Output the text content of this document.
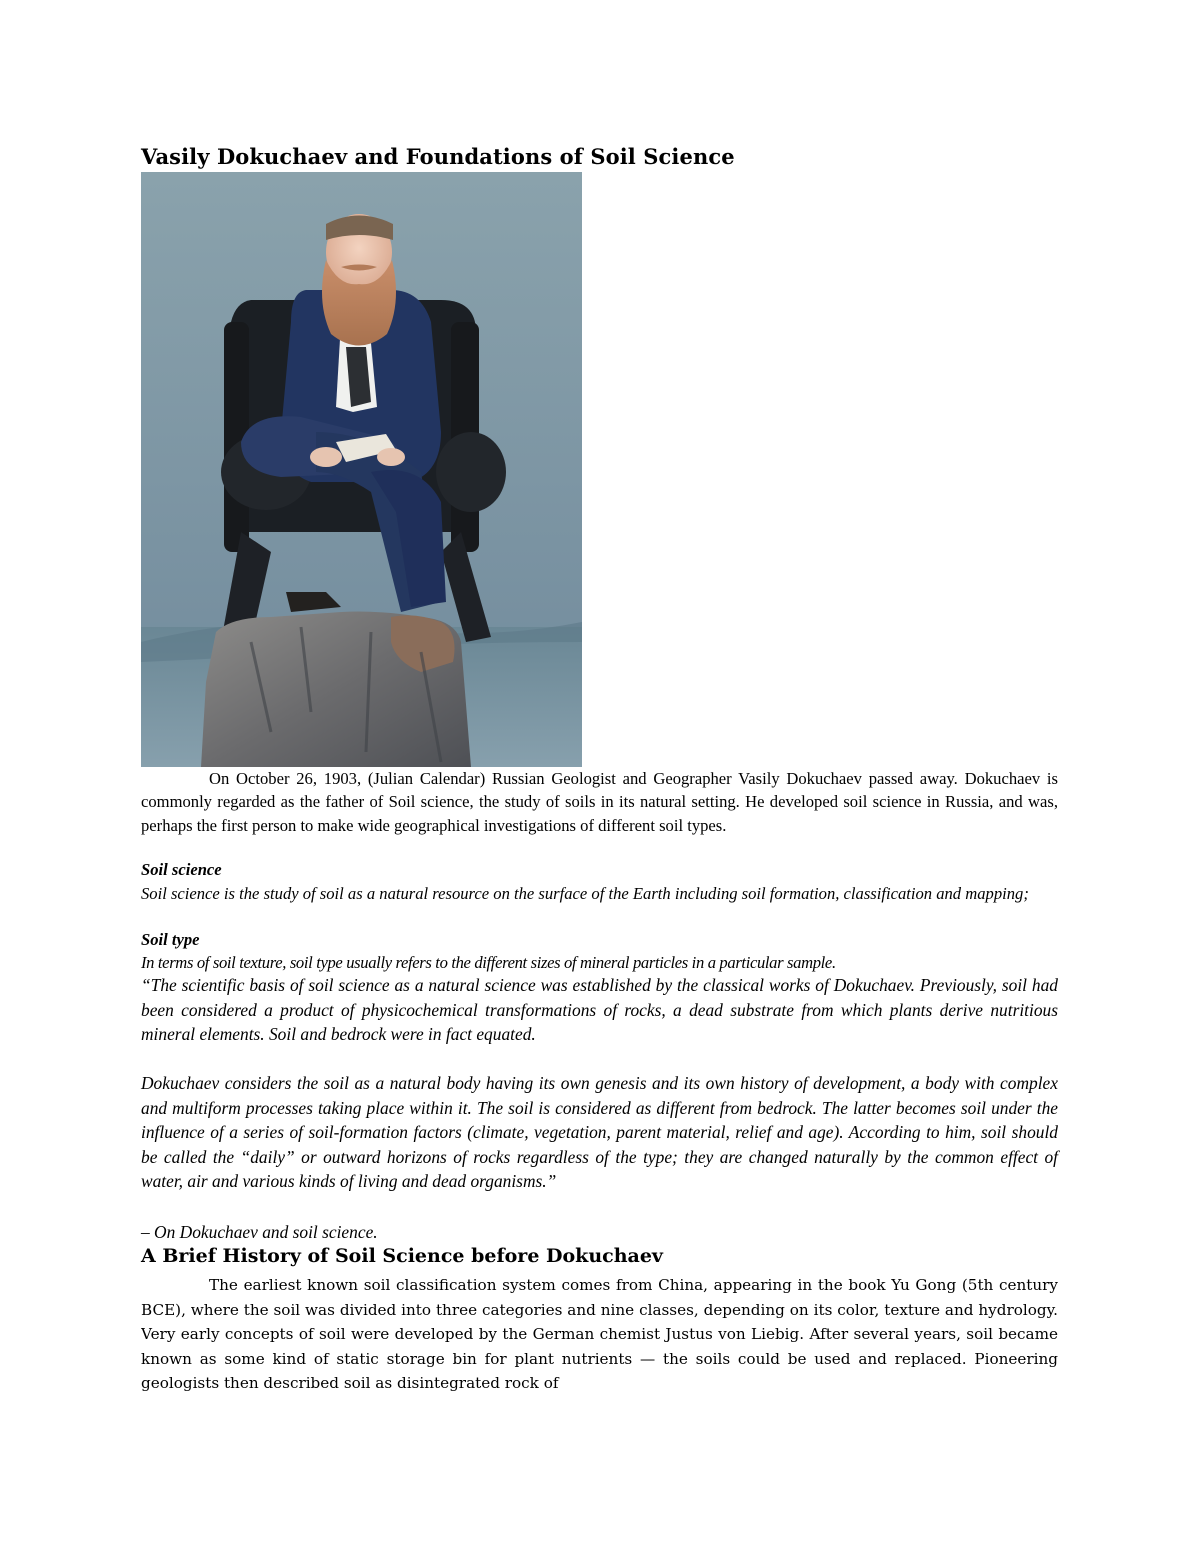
Vasily Dokuchaev and Foundations of Soil Science

On October 26, 1903, (Julian Calendar) Russian Geologist and Geographer Vasily Dokuchaev passed away. Dokuchaev is commonly regarded as the father of Soil science, the study of soils in its natural setting. He developed soil science in Russia, and was, perhaps the first person to make wide geographical investigations of different soil types.

Soil science

Soil science is the study of soil as a natural resource on the surface of the Earth including soil formation, classification and mapping;

Soil type

In terms of soil texture, soil type usually refers to the different sizes of mineral particles in a particular sample.

“The scientific basis of soil science as a natural science was established by the classical works of Dokuchaev. Previously, soil had been considered a product of physicochemical transformations of rocks, a dead substrate from which plants derive nutritious mineral elements. Soil and bedrock were in fact equated.

Dokuchaev considers the soil as a natural body having its own genesis and its own history of development, a body with complex and multiform processes taking place within it. The soil is considered as different from bedrock. The latter becomes soil under the influence of a series of soil-formation factors (climate, vegetation, parent material, relief and age). According to him, soil should be called the “daily” or outward horizons of rocks regardless of the type; they are changed naturally by the common effect of water, air and various kinds of living and dead organisms.”

– On Dokuchaev and soil science.

A Brief History of Soil Science before Dokuchaev

The earliest known soil classification system comes from China, appearing in the book Yu Gong (5th century BCE), where the soil was divided into three categories and nine classes, depending on its color, texture and hydrology. Very early concepts of soil were developed by the German chemist Justus von Liebig. After several years, soil became known as some kind of static storage bin for plant nutrients — the soils could be used and replaced. Pioneering geologists then described soil as disintegrated rock of
